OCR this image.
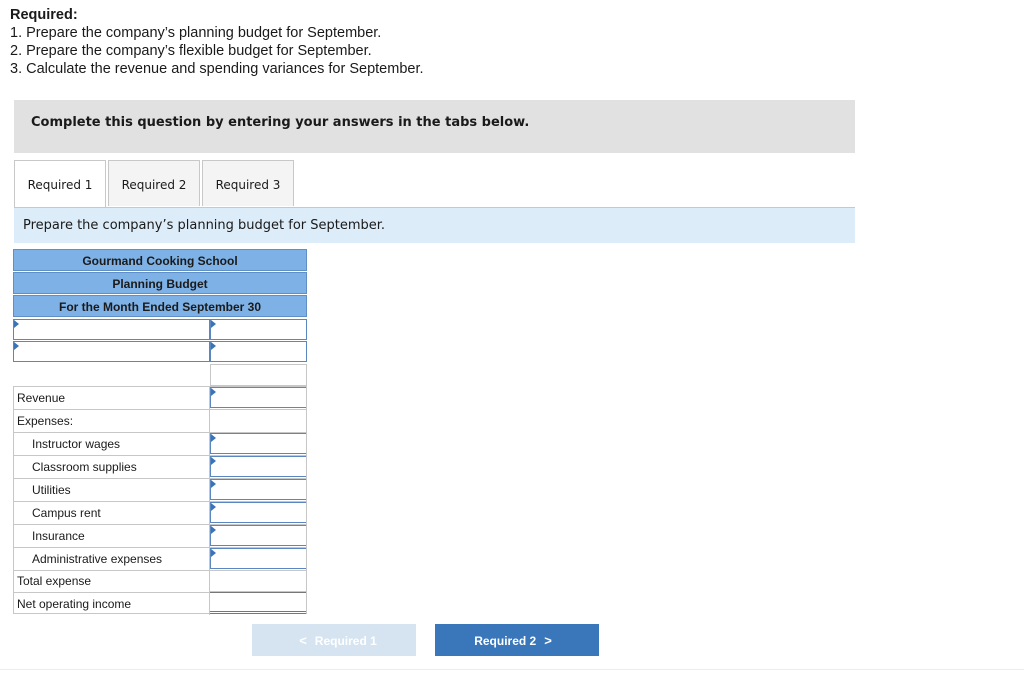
Required:
1. Prepare the company’s planning budget for September.
2. Prepare the company’s flexible budget for September.
3. Calculate the revenue and spending variances for September.
Complete this question by entering your answers in the tabs below.
Required 1	Required 2	Required 3
Prepare the company’s planning budget for September.
Gourmand Cooking School
Planning Budget
For the Month Ended September 30
Revenue
Expenses:
Instructor wages
Classroom supplies
Utilities
Campus rent
Insurance
Administrative expenses
Total expense
Net operating income
< Required 1	Required 2 >
